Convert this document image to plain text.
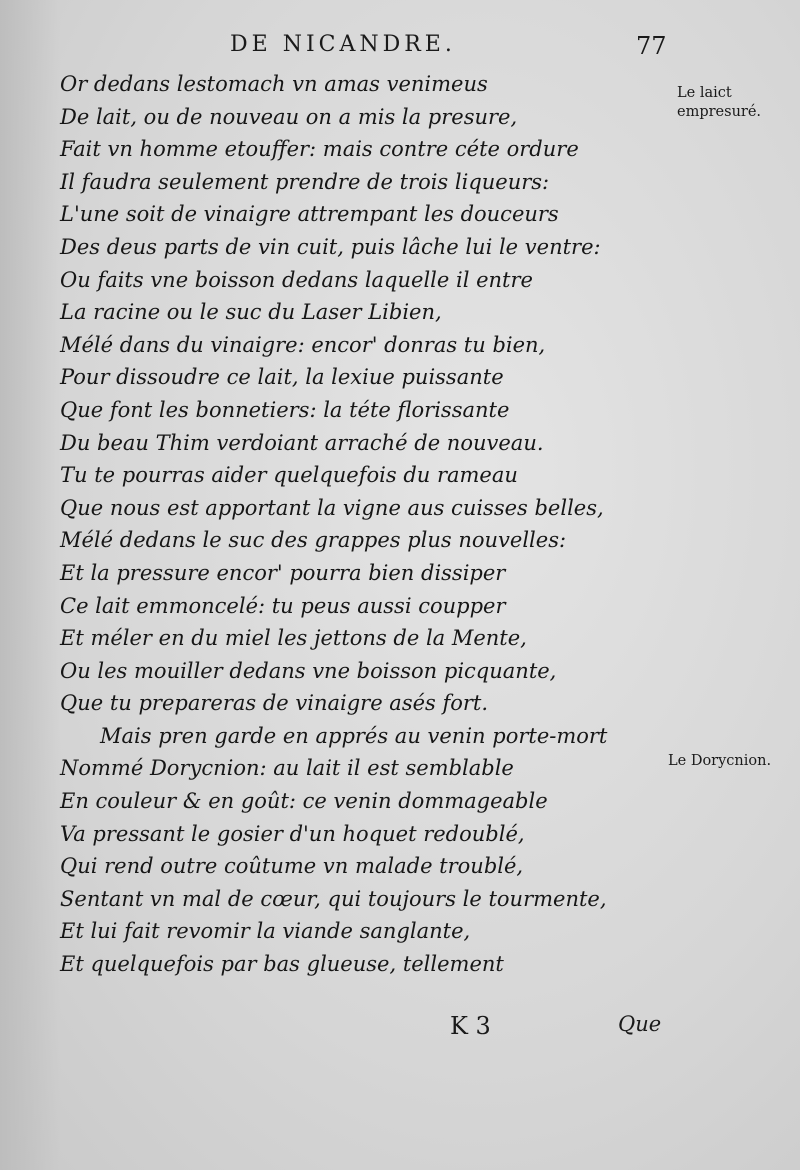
DE NICANDRE.	77
Or dedans lestomach vn amas venimeus
De lait, ou de nouveau on a mis la presure,
Fait vn homme etouffer: mais contre céte ordure
Il faudra seulement prendre de trois liqueurs:
L'une soit de vinaigre attrempant les douceurs
Des deus parts de vin cuit, puis lâche lui le ventre:
Ou faits vne boisson dedans laquelle il entre
La racine ou le suc du Laser Libien,
Mélé dans du vinaigre: encor' donras tu bien,
Pour dissoudre ce lait, la lexiue puissante
Que font les bonnetiers: la téte florissante
Du beau Thim verdoiant arraché de nouveau.
Tu te pourras aider quelquefois du rameau
Que nous est apportant la vigne aus cuisses belles,
Mélé dedans le suc des grappes plus nouvelles:
Et la pressure encor' pourra bien dissiper
Ce lait emmoncelé: tu peus aussi coupper
Et méler en du miel les jettons de la Mente,
Ou les mouiller dedans vne boisson picquante,
Que tu prepareras de vinaigre asés fort.
Mais pren garde en apprés au venin porte-mort
Nommé Dorycnion: au lait il est semblable
En couleur & en goût: ce venin dommageable
Va pressant le gosier d'un hoquet redoublé,
Qui rend outre coûtume vn malade troublé,
Sentant vn mal de cœur, qui toujours le tourmente,
Et lui fait revomir la viande sanglante,
Et quelquefois par bas glueuse, tellement
Le laict empresuré.
Le Dorycnion.
K 3	Que
